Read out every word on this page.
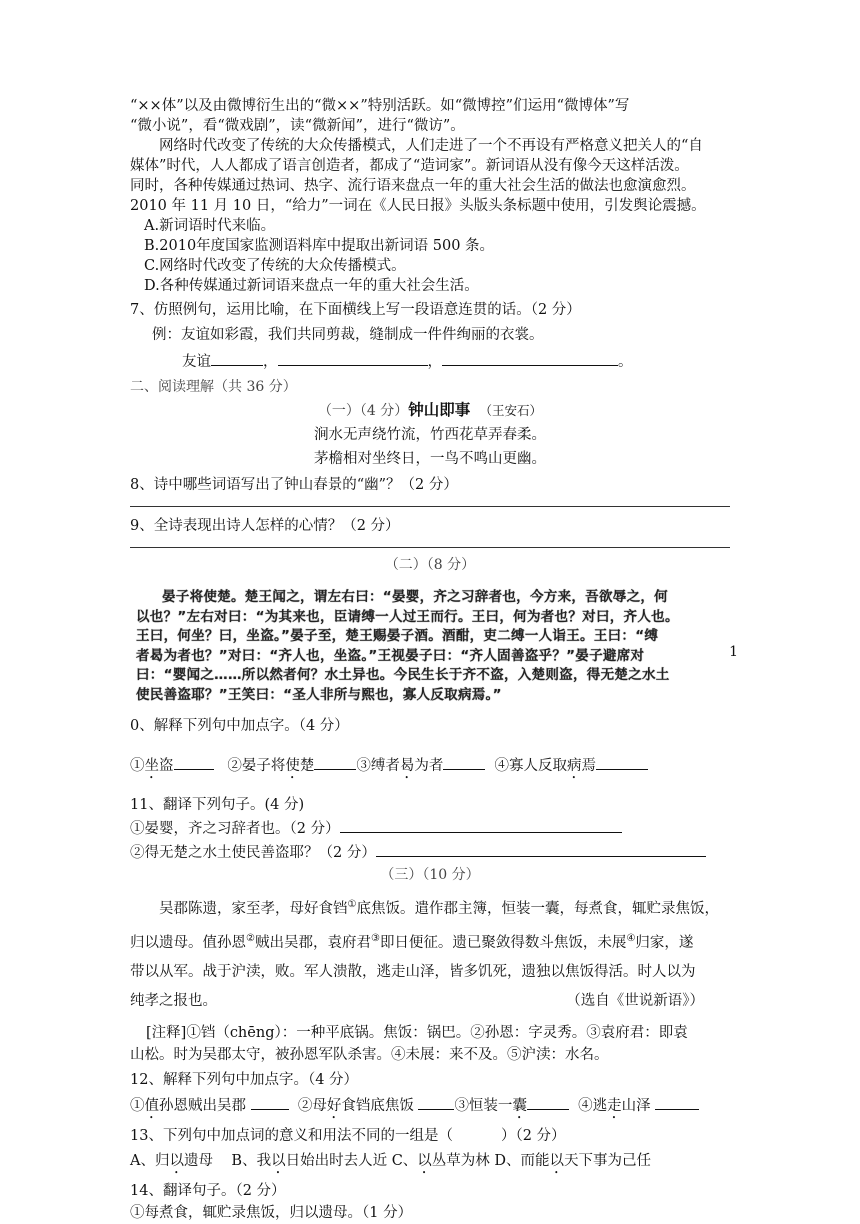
“××体”以及由微博衍生出的“微××”特别活跃。如“微博控”们运用“微博体”写
“微小说”，看“微戏剧”，读“微新闻”，进行“微访”。
网络时代改变了传统的大众传播模式，人们走进了一个不再设有严格意义把关人的“自
媒体”时代，人人都成了语言创造者，都成了“造词家”。新词语从没有像今天这样活泼。
同时，各种传媒通过热词、热字、流行语来盘点一年的重大社会生活的做法也愈演愈烈。
2010 年 11 月 10 日，“给力”一词在《人民日报》头版头条标题中使用，引发舆论震撼。
A.新词语时代来临。
B.2010年度国家监测语料库中提取出新词语 500 条。
C.网络时代改变了传统的大众传播模式。
D.各种传媒通过新词语来盘点一年的重大社会生活。
7、仿照例句，运用比喻，在下面横线上写一段语意连贯的话。（2 分）
例：友谊如彩霞，我们共同剪裁，缝制成一件件绚丽的衣裳。
友谊	，	，	。
二、阅读理解（共 36 分）
（一）（4 分）钟山即事 （王安石）
涧水无声绕竹流，竹西花草弄春柔。
茅檐相对坐终日，一鸟不鸣山更幽。
8、诗中哪些词语写出了钟山春景的“幽”？（2 分）
9、全诗表现出诗人怎样的心情？（2 分）
（二）（8 分）
晏子将使楚。楚王闻之，谓左右曰：“晏婴，齐之习辞者也，今方来，吾欲辱之，何
以也？”左右对曰：“为其来也，臣请缚一人过王而行。王曰，何为者也？对曰，齐人也。
王曰，何坐？曰，坐盗。”晏子至，楚王赐晏子酒。酒酣，吏二缚一人诣王。王曰：“缚
者曷为者也？”对曰：“齐人也，坐盗。”王视晏子曰：“齐人固善盗乎？”晏子避席对
曰：“婴闻之……所以然者何？水土异也。今民生长于齐不盗，入楚则盗，得无楚之水土
使民善盗耶？”王笑曰：“圣人非所与熙也，寡人反取病焉。”
1
0、解释下列句中加点字。（4 分）
①坐盗	②晏子将使楚	③缚者曷为者	④寡人反取病焉
11、翻译下列句子。(4 分)
①晏婴，齐之习辞者也。（2 分）
②得无楚之水土使民善盗耶？（2 分）
（三）（10 分）
吴郡陈遗，家至孝，母好食铛①底焦饭。遣作郡主簿，恒装一囊，每煮食，辄贮录焦饭，
归以遗母。值孙恩②贼出吴郡，袁府君③即日便征。遗已聚敛得数斗焦饭，未展④归家，遂
带以从军。战于沪渎，败。军人溃散，逃走山泽，皆多饥死，遗独以焦饭得活。时人以为
纯孝之报也。	（选自《世说新语》）
[注释]①铛（chēng）：一种平底锅。焦饭：锅巴。②孙恩：字灵秀。③袁府君：即袁
山松。时为吴郡太守，被孙恩军队杀害。④未展：来不及。⑤沪渎：水名。
12、解释下列句中加点字。（4 分）
①值孙恩贼出吴郡	②母好食铛底焦饭	③恒装一囊	④逃走山泽
13、下列句中加点词的意义和用法不同的一组是（	）（2 分）
A、归以遗母 B、我以日始出时去人近 C、以丛草为林 D、而能以天下事为己任
14、翻译句子。（2 分）
①每煮食，辄贮录焦饭，归以遗母。（1 分）
